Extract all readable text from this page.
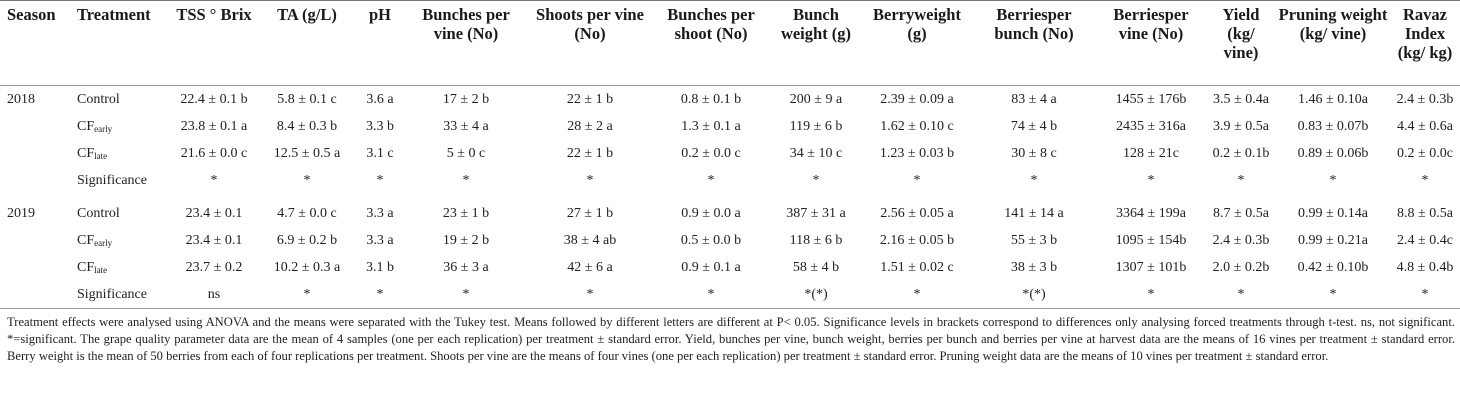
Season	Treatment	TSS ° Brix	TA (g/L)	pH	Bunches per vine (No)	Shoots per vine (No)	Bunches per shoot (No)	Bunch weight (g)	Berryweight (g)	Berriesper bunch (No)	Berriesper vine (No)	Yield (kg/ vine)	Pruning weight (kg/ vine)	Ravaz Index (kg/ kg)
2018	Control	22.4 ± 0.1 b	5.8 ± 0.1 c	3.6 a	17 ± 2 b	22 ± 1 b	0.8 ± 0.1 b	200 ± 9 a	2.39 ± 0.09 a	83 ± 4 a	1455 ± 176b	3.5 ± 0.4a	1.46 ± 0.10a	2.4 ± 0.3b
	$CF_{early}$	23.8 ± 0.1 a	8.4 ± 0.3 b	3.3 b	33 ± 4 a	28 ± 2 a	1.3 ± 0.1 a	119 ± 6 b	1.62 ± 0.10 c	74 ± 4 b	2435 ± 316a	3.9 ± 0.5a	0.83 ± 0.07b	4.4 ± 0.6a
	$CF_{late}$	21.6 ± 0.0 c	12.5 ± 0.5 a	3.1 c	5 ± 0 c	22 ± 1 b	0.2 ± 0.0 c	34 ± 10 c	1.23 ± 0.03 b	30 ± 8 c	128 ± 21c	0.2 ± 0.1b	0.89 ± 0.06b	0.2 ± 0.0c
	Significance	*	*	*	*	*	*	*	*	*	*	*	*	*

2019	Control	23.4 ± 0.1	4.7 ± 0.0 c	3.3 a	23 ± 1 b	27 ± 1 b	0.9 ± 0.0 a	387 ± 31 a	2.56 ± 0.05 a	141 ± 14 a	3364 ± 199a	8.7 ± 0.5a	0.99 ± 0.14a	8.8 ± 0.5a
	$CF_{early}$	23.4 ± 0.1	6.9 ± 0.2 b	3.3 a	19 ± 2 b	38 ± 4 ab	0.5 ± 0.0 b	118 ± 6 b	2.16 ± 0.05 b	55 ± 3 b	1095 ± 154b	2.4 ± 0.3b	0.99 ± 0.21a	2.4 ± 0.4c
	$CF_{late}$	23.7 ± 0.2	10.2 ± 0.3 a	3.1 b	36 ± 3 a	42 ± 6 a	0.9 ± 0.1 a	58 ± 4 b	1.51 ± 0.02 c	38 ± 3 b	1307 ± 101b	2.0 ± 0.2b	0.42 ± 0.10b	4.8 ± 0.4b
	Significance	ns	*	*	*	*	*	*(*)	*	*(*)	*	*	*	*
Treatment effects were analysed using ANOVA and the means were separated with the Tukey test. Means followed by different letters are different at P< 0.05. Significance levels in brackets correspond to differences only analysing forced treatments through t-test. ns, not significant. *=significant. The grape quality parameter data are the mean of 4 samples (one per each replication) per treatment ± standard error. Yield, bunches per vine, bunch weight, berries per bunch and berries per vine at harvest data are the means of 16 vines per treatment ± standard error. Berry weight is the mean of 50 berries from each of four replications per treatment. Shoots per vine are the means of four vines (one per each replication) per treatment ± standard error. Pruning weight data are the means of 10 vines per treatment ± standard error.
